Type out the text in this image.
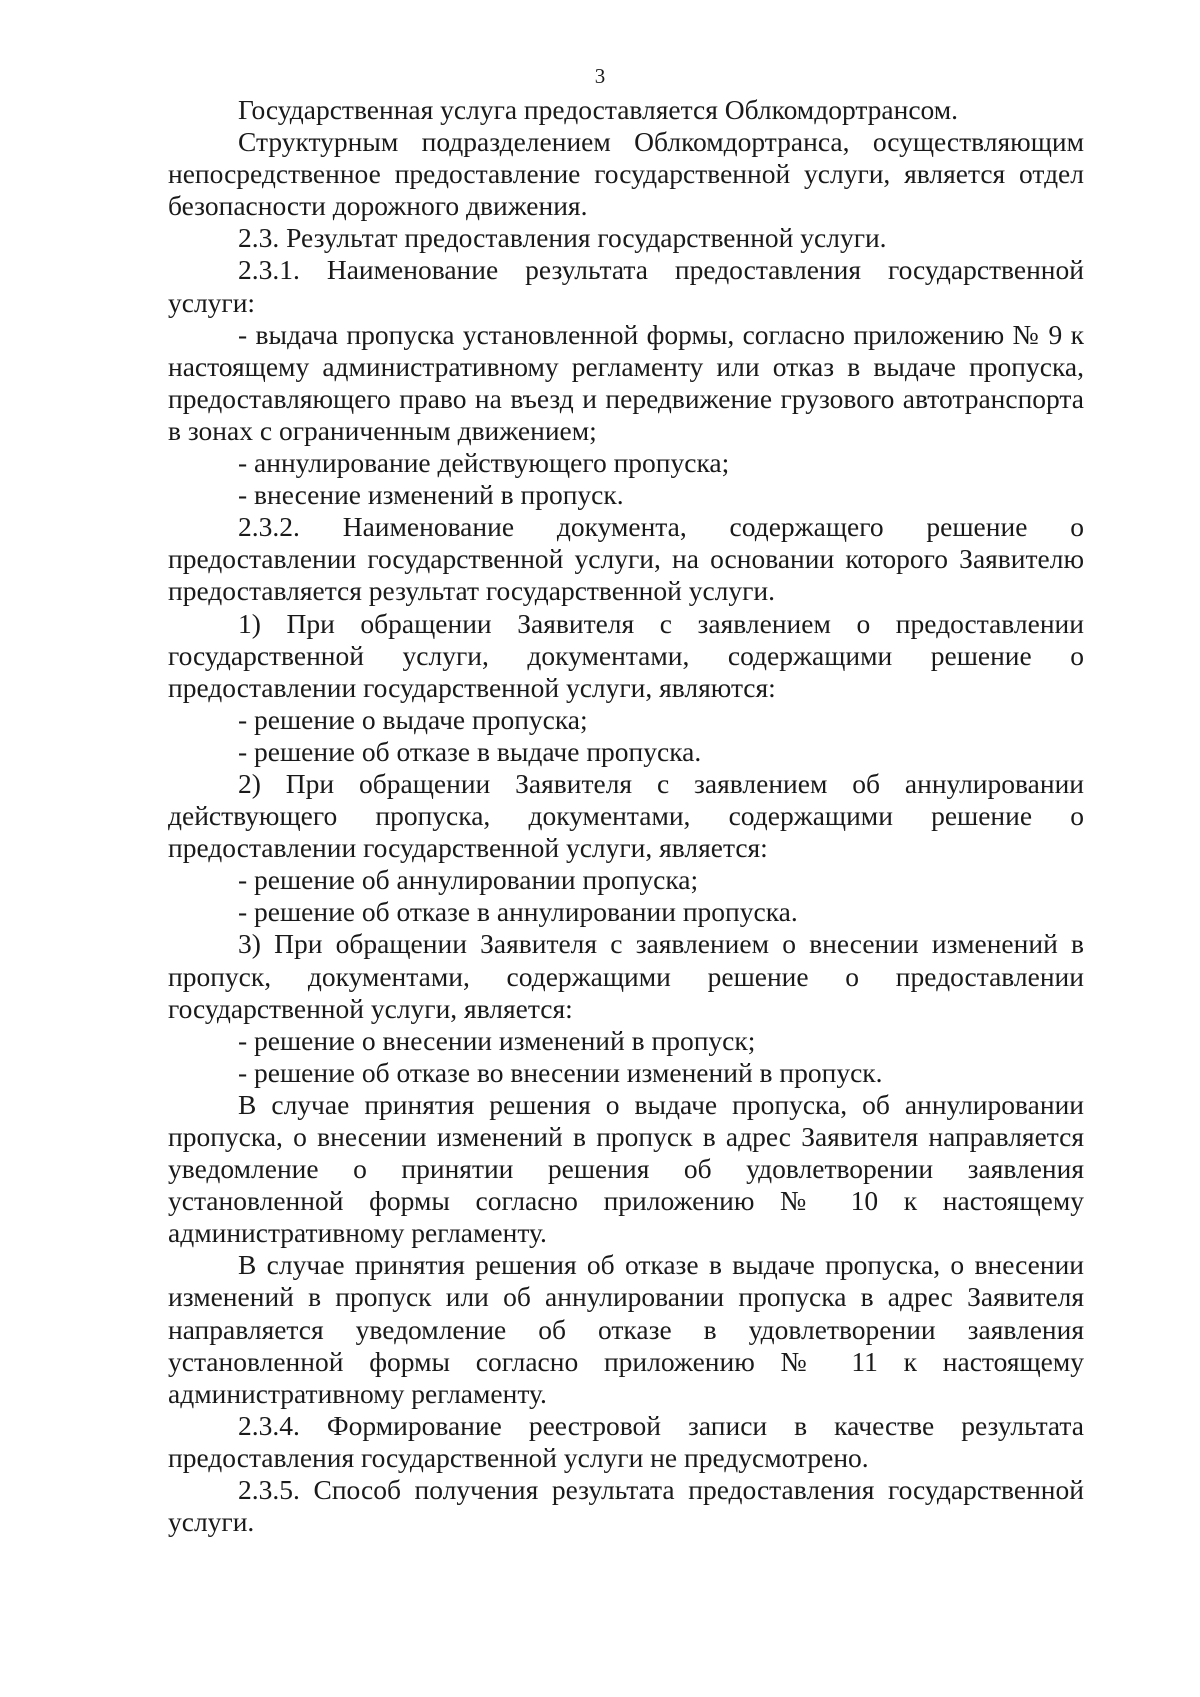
3

Государственная услуга предоставляется Облкомдортрансом.

Структурным подразделением Облкомдортранса, осуществляющим непосредственное предоставление государственной услуги, является отдел безопасности дорожного движения.

2.3. Результат предоставления государственной услуги.

2.3.1. Наименование результата предоставления государственной услуги:

- выдача пропуска установленной формы, согласно приложению № 9 к настоящему административному регламенту или отказ в выдаче пропуска, предоставляющего право на въезд и передвижение грузового автотранспорта в зонах с ограниченным движением;

- аннулирование действующего пропуска;

- внесение изменений в пропуск.

2.3.2. Наименование документа, содержащего решение о предоставлении государственной услуги, на основании которого Заявителю предоставляется результат государственной услуги.

1) При обращении Заявителя с заявлением о предоставлении государственной услуги, документами, содержащими решение о предоставлении государственной услуги, являются:

- решение о выдаче пропуска;

- решение об отказе в выдаче пропуска.

2) При обращении Заявителя с заявлением об аннулировании действующего пропуска, документами, содержащими решение о предоставлении государственной услуги, является:

- решение об аннулировании пропуска;

- решение об отказе в аннулировании пропуска.

3) При обращении Заявителя с заявлением о внесении изменений в пропуск, документами, содержащими решение о предоставлении государственной услуги, является:

- решение о внесении изменений в пропуск;

- решение об отказе во внесении изменений в пропуск.

В случае принятия решения о выдаче пропуска, об аннулировании пропуска, о внесении изменений в пропуск в адрес Заявителя направляется уведомление о принятии решения об удовлетворении заявления установленной формы согласно приложению № 10 к настоящему административному регламенту.

В случае принятия решения об отказе в выдаче пропуска, о внесении изменений в пропуск или об аннулировании пропуска в адрес Заявителя направляется уведомление об отказе в удовлетворении заявления установленной формы согласно приложению № 11 к настоящему административному регламенту.

2.3.4. Формирование реестровой записи в качестве результата предоставления государственной услуги не предусмотрено.

2.3.5. Способ получения результата предоставления государственной услуги.
